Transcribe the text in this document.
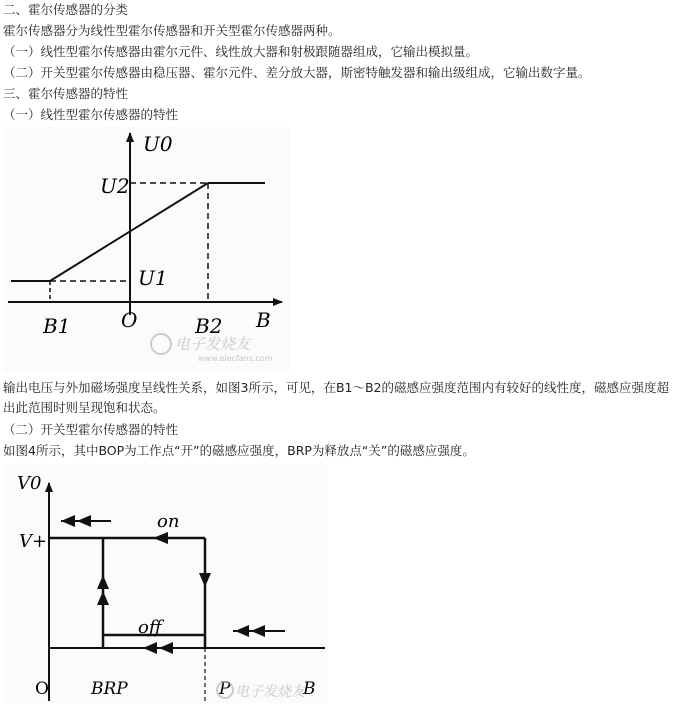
二、霍尔传感器的分类
霍尔传感器分为线性型霍尔传感器和开关型霍尔传感器两种。
（一）线性型霍尔传感器由霍尔元件、线性放大器和射极跟随器组成，它输出模拟量。
（二）开关型霍尔传感器由稳压器、霍尔元件、差分放大器，斯密特触发器和输出级组成，它输出数字量。
三、霍尔传感器的特性
（一）线性型霍尔传感器的特性
U0
U2
U1
B1	O	B2 B
电子发烧友
www.elecfans.com
输出电压与外加磁场强度呈线性关系，如图3所示，可见，在B1～B2的磁感应强度范围内有较好的线性度，磁感应强度超出此范围时则呈现饱和状态。
（二）开关型霍尔传感器的特性
如图4所示，其中BOP为工作点“开”的磁感应强度，BRP为释放点“关”的磁感应强度。
V0
V+
on
off
O BRP	P	B
电子发烧友
